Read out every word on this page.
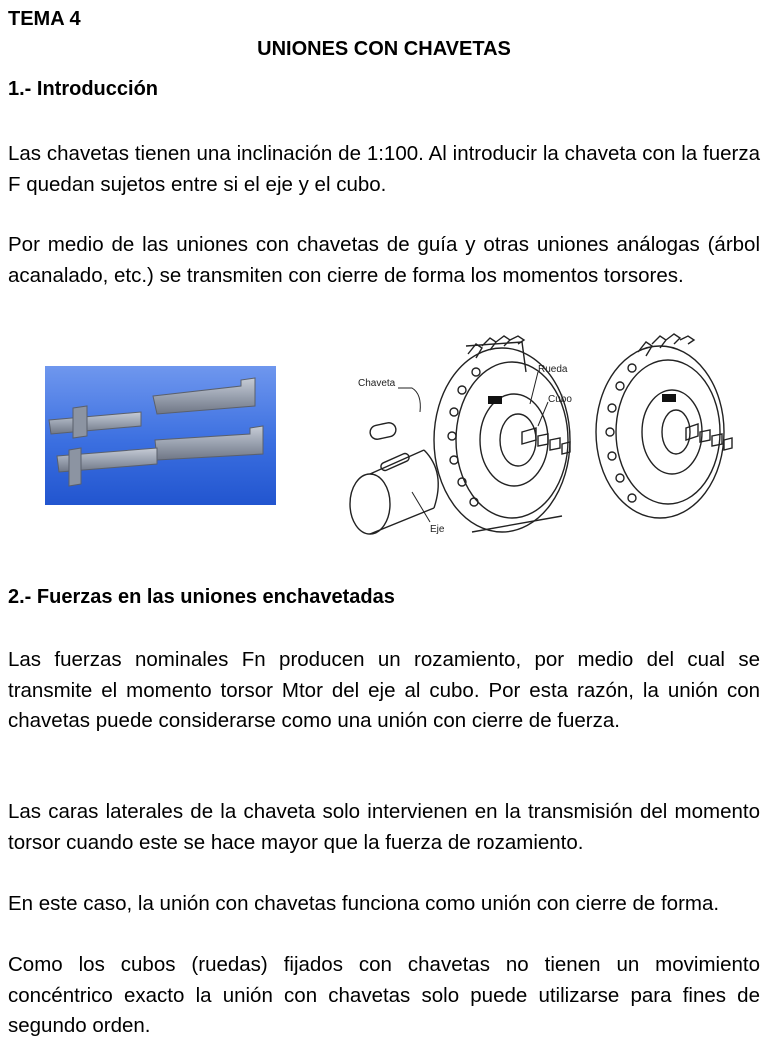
TEMA 4
UNIONES CON CHAVETAS
1.- Introducción
Las chavetas tienen una inclinación de 1:100. Al introducir la chaveta con la fuerza F quedan sujetos entre si el eje y el cubo.
Por medio de las uniones con chavetas de guía y otras uniones análogas (árbol acanalado, etc.) se transmiten con cierre de forma los momentos torsores.
Chaveta
Rueda
Cubo
Eje
2.- Fuerzas en las uniones enchavetadas
Las fuerzas nominales Fn producen un rozamiento, por medio del cual se transmite el momento torsor Mtor del eje al cubo. Por esta razón, la unión con chavetas puede considerarse como una unión con cierre de fuerza.
Las caras laterales de la chaveta solo intervienen en la transmisión del momento torsor cuando este se hace mayor que la fuerza de rozamiento.
En este caso, la unión con chavetas funciona como unión con cierre de forma.
Como los cubos (ruedas) fijados con chavetas no tienen un movimiento concéntrico exacto la unión con chavetas solo puede utilizarse para fines de segundo orden.
